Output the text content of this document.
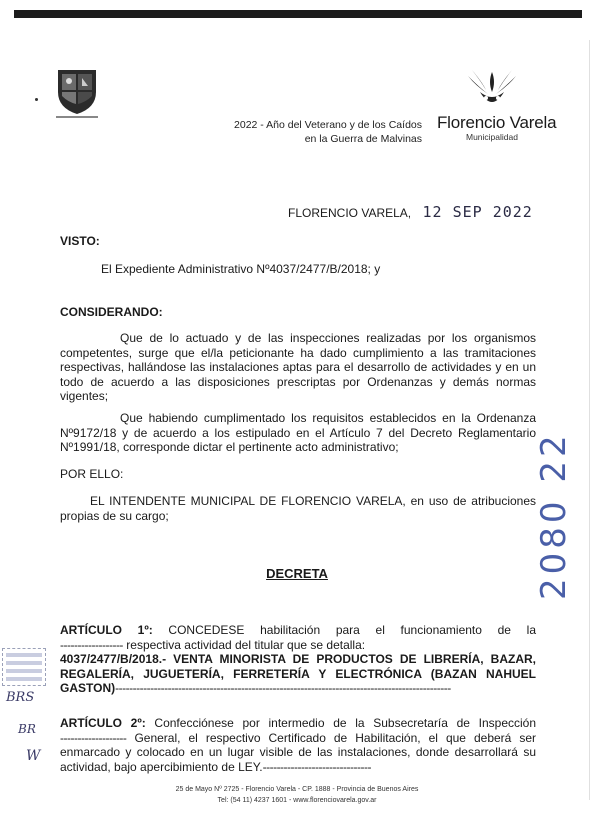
2022 - Año del Veterano y de los Caídos
en la Guerra de Malvinas
Florencio Varela
Municipalidad
FLORENCIO VARELA, 12 SEP 2022
VISTO:
El Expediente Administrativo Nº4037/2477/B/2018; y
CONSIDERANDO:
Que de lo actuado y de las inspecciones realizadas por los organismos competentes, surge que el/la peticionante ha dado cumplimiento a las tramitaciones respectivas, hallándose las instalaciones aptas para el desarrollo de actividades y en un todo de acuerdo a las disposiciones prescriptas por Ordenanzas y demás normas vigentes;
Que habiendo cumplimentado los requisitos establecidos en la Ordenanza Nº9172/18 y de acuerdo a los estipulado en el Artículo 7 del Decreto Reglamentario Nº1991/18, corresponde dictar el pertinente acto administrativo;
POR ELLO:
EL INTENDENTE MUNICIPAL DE FLORENCIO VARELA, en uso de atribuciones propias de su cargo;
DECRETA
ARTÍCULO 1º: CONCEDESE habilitación para el funcionamiento de la
------------------ respectiva actividad del titular que se detalla:
4037/2477/B/2018.- VENTA MINORISTA DE PRODUCTOS DE LIBRERÍA, BAZAR, REGALERÍA, JUGUETERÍA, FERRETERÍA Y ELECTRÓNICA (BAZAN NAHUEL GASTON)------------------------------------------------------------------------------------------------
ARTÍCULO 2º: Confecciónese por intermedio de la Subsecretaría de Inspección
------------------- General, el respectivo Certificado de Habilitación, el que deberá ser enmarcado y colocado en un lugar visible de las instalaciones, donde desarrollará su actividad, bajo apercibimiento de LEY.-------------------------------
2080 22
BRS
BR
W
25 de Mayo Nº 2725 - Florencio Varela - CP. 1888 - Provincia de Buenos Aires
Tel: (54 11) 4237 1601 - www.florenciovarela.gov.ar
